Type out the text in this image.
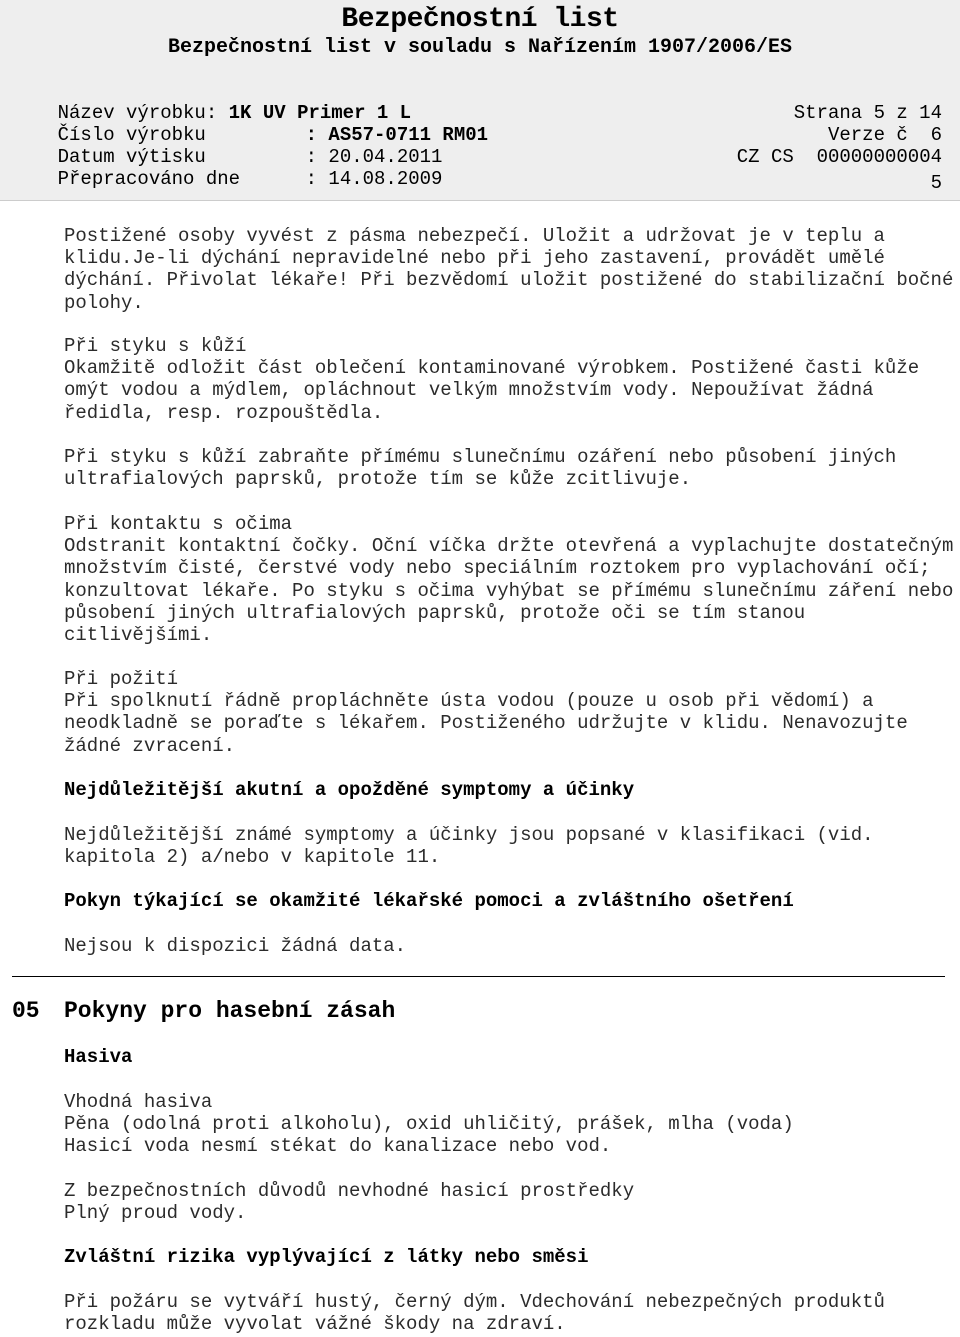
Bezpečnostní list
Bezpečnostní list v souladu s Nařízením 1907/2006/ES

Název výrobku: 1K UV Primer 1 L

Číslo výrobku	: AS57-0711 RM01

Strana 5 z 14

Datum výtisku	: 20.04.2011

Verze č  6

Přepracováno dne	: 14.08.2009

CZ CS  00000000004

5

Postižené osoby vyvést z pásma nebezpečí. Uložit a udržovat je v teplu a klidu.Je-li dýchání nepravidelné nebo při jeho zastavení, provádět umělé dýchání. Přivolat lékaře! Při bezvědomí uložit postižené do stabilizační bočné polohy.

Při styku s kůží

Okamžitě odložit část oblečení kontaminované výrobkem. Postižené časti kůže omýt vodou a mýdlem, opláchnout velkým množstvím vody. Nepoužívat žádná ředidla, resp. rozpouštědla.

Při styku s kůží zabraňte přímému slunečnímu ozáření nebo působení jiných ultrafialových paprsků, protože tím se kůže zcitlivuje.

Při kontaktu s očima

Odstranit kontaktní čočky. Oční víčka držte otevřená a vyplachujte dostatečným množstvím čisté, čerstvé vody nebo speciálním roztokem pro vyplachování očí; konzultovat lékaře. Po styku s očima vyhýbat se přímému slunečnímu záření nebo působení jiných ultrafialových paprsků, protože oči se tím stanou citlivějšími.

Při požití

Při spolknutí řádně propláchněte ústa vodou (pouze u osob při vědomí) a neodkladně se poraďte s lékařem. Postiženého udržujte v klidu. Nenavozujte žádné zvracení.

Nejdůležitější akutní a opožděné symptomy a účinky
Nejdůležitější známé symptomy a účinky jsou popsané v klasifikaci (vid. kapitola 2) a/nebo v kapitole 11.
Pokyn týkající se okamžité lékařské pomoci a zvláštního ošetření
Nejsou k dispozici žádná data.
05 Pokyny pro hasební zásah
Hasiva

Vhodná hasiva

Pěna (odolná proti alkoholu), oxid uhličitý, prášek, mlha (voda)

Hasicí voda nesmí stékat do kanalizace nebo vod.

Z bezpečnostních důvodů nevhodné hasicí prostředky

Plný proud vody.

Zvláštní rizika vyplývající z látky nebo směsi
Při požáru se vytváří hustý, černý dým. Vdechování nebezpečných produktů rozkladu může vyvolat vážné škody na zdraví.
